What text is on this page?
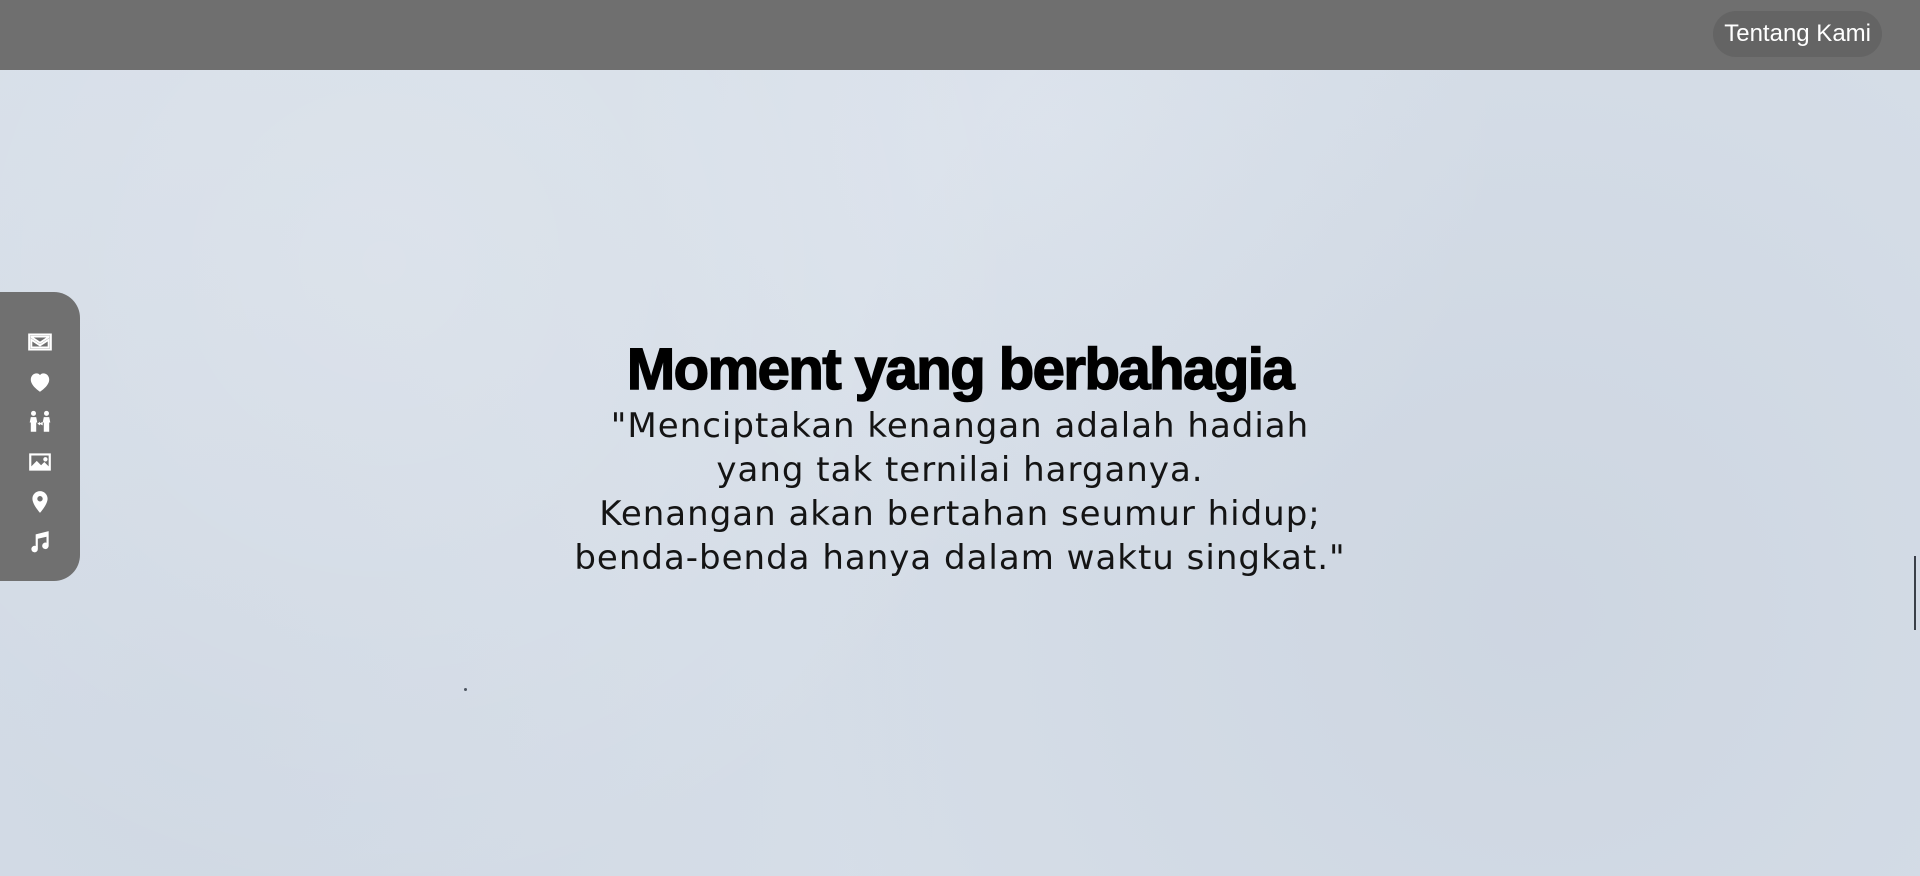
Tentang Kami
Moment yang berbahagia

"Menciptakan kenangan adalah hadiah
yang tak ternilai harganya.
Kenangan akan bertahan seumur hidup;
benda-benda hanya dalam waktu singkat."
